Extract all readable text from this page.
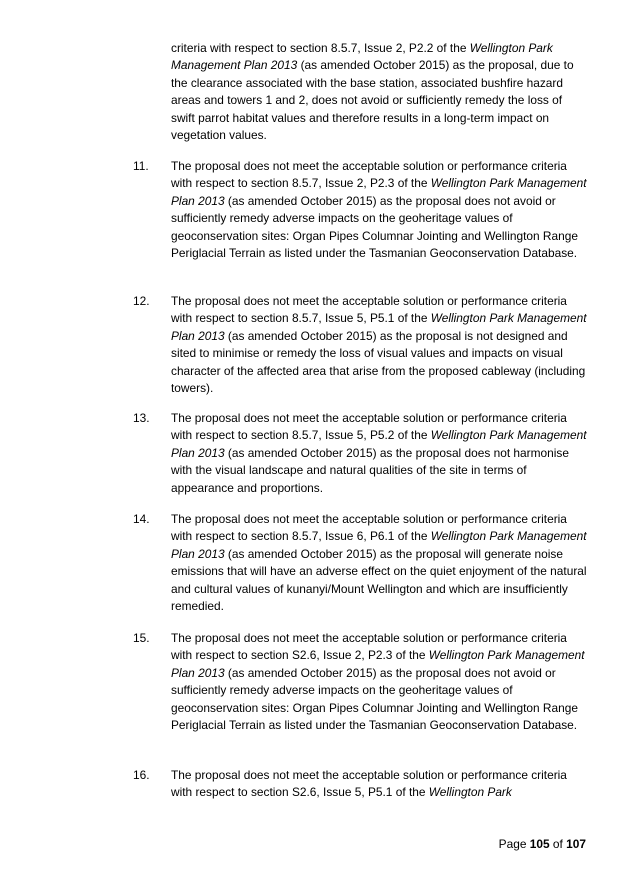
criteria with respect to section 8.5.7, Issue 2, P2.2 of the Wellington Park Management Plan 2013 (as amended October 2015) as the proposal, due to the clearance associated with the base station, associated bushfire hazard areas and towers 1 and 2, does not avoid or sufficiently remedy the loss of swift parrot habitat values and therefore results in a long-term impact on vegetation values.

11.	The proposal does not meet the acceptable solution or performance criteria with respect to section 8.5.7, Issue 2, P2.3 of the Wellington Park Management Plan 2013 (as amended October 2015) as the proposal does not avoid or sufficiently remedy adverse impacts on the geoheritage values of geoconservation sites: Organ Pipes Columnar Jointing and Wellington Range Periglacial Terrain as listed under the Tasmanian Geoconservation Database.

12.	The proposal does not meet the acceptable solution or performance criteria with respect to section 8.5.7, Issue 5, P5.1 of the Wellington Park Management Plan 2013 (as amended October 2015) as the proposal is not designed and sited to minimise or remedy the loss of visual values and impacts on visual character of the affected area that arise from the proposed cableway (including towers).

13.	The proposal does not meet the acceptable solution or performance criteria with respect to section 8.5.7, Issue 5, P5.2 of the Wellington Park Management Plan 2013 (as amended October 2015) as the proposal does not harmonise with the visual landscape and natural qualities of the site in terms of appearance and proportions.

14.	The proposal does not meet the acceptable solution or performance criteria with respect to section 8.5.7, Issue 6, P6.1 of the Wellington Park Management Plan 2013 (as amended October 2015) as the proposal will generate noise emissions that will have an adverse effect on the quiet enjoyment of the natural and cultural values of kunanyi/Mount Wellington and which are insufficiently remedied.

15.	The proposal does not meet the acceptable solution or performance criteria with respect to section S2.6, Issue 2, P2.3 of the Wellington Park Management Plan 2013 (as amended October 2015) as the proposal does not avoid or sufficiently remedy adverse impacts on the geoheritage values of geoconservation sites: Organ Pipes Columnar Jointing and Wellington Range Periglacial Terrain as listed under the Tasmanian Geoconservation Database.

16.	The proposal does not meet the acceptable solution or performance criteria with respect to section S2.6, Issue 5, P5.1 of the Wellington Park

Page 105 of 107
